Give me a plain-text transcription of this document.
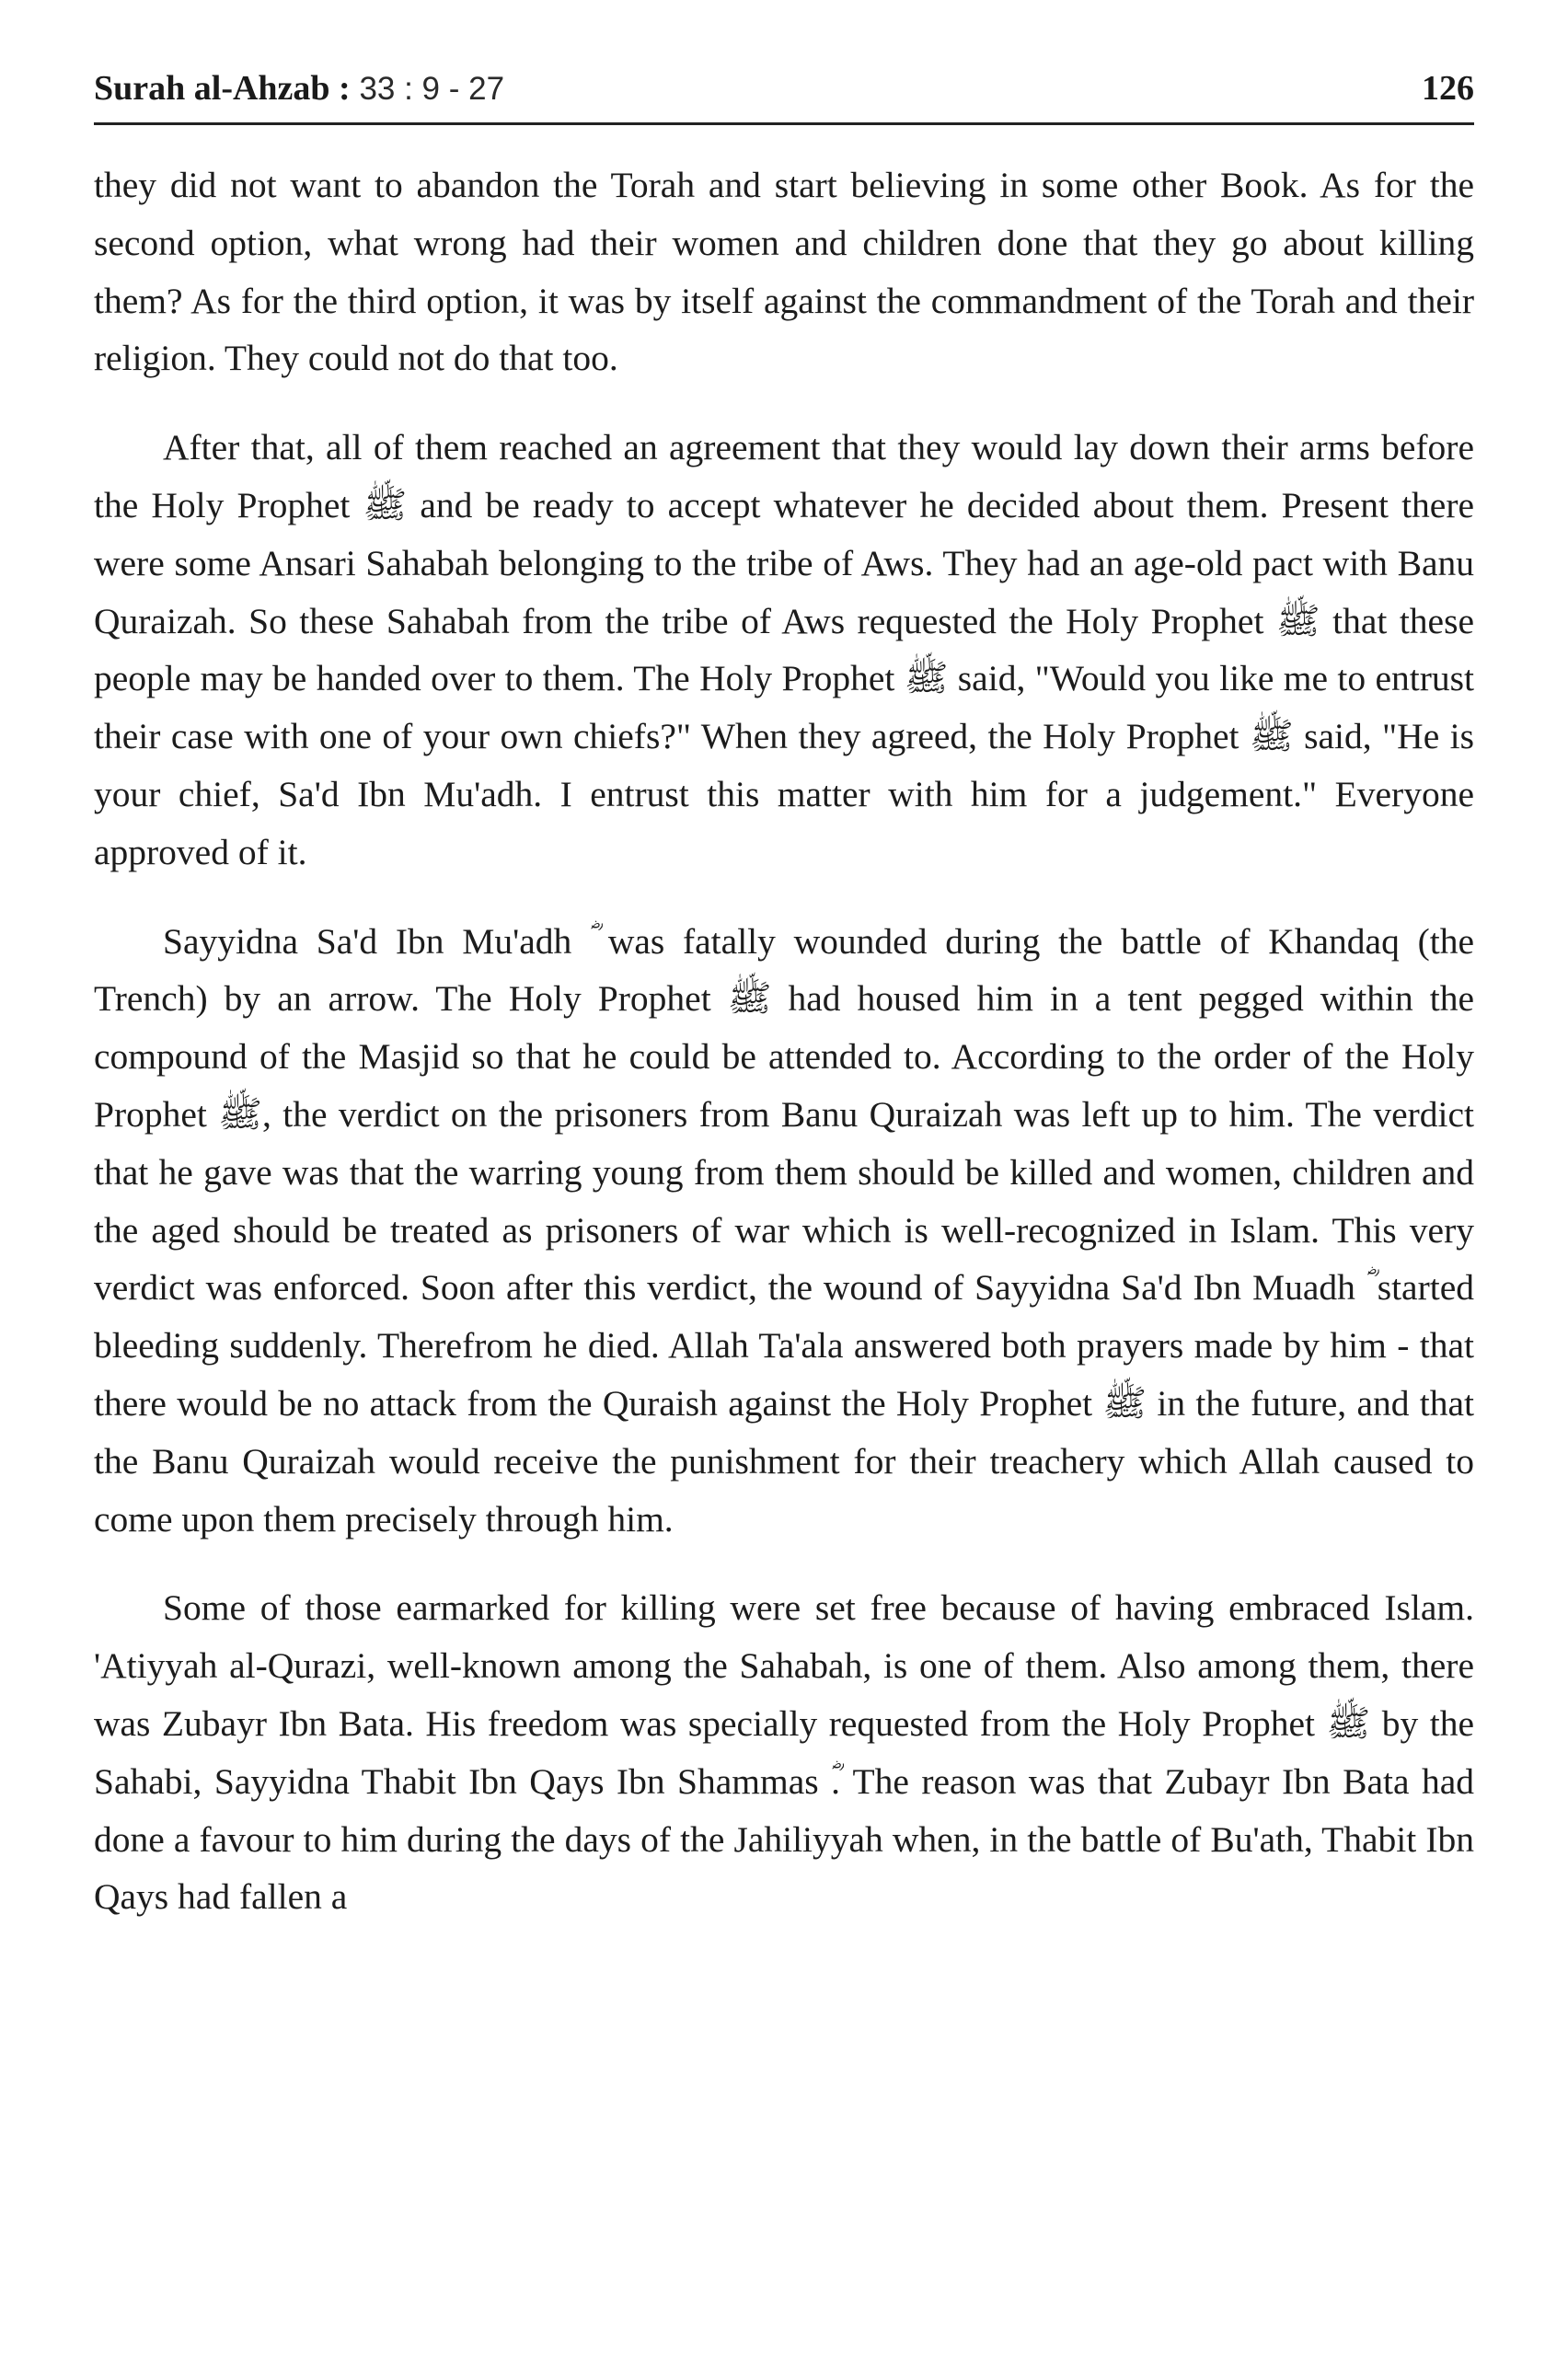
Surah al-Ahzab : 33 : 9 - 27	126

they did not want to abandon the Torah and start believing in some other Book. As for the second option, what wrong had their women and children done that they go about killing them? As for the third option, it was by itself against the commandment of the Torah and their religion. They could not do that too.

After that, all of them reached an agreement that they would lay down their arms before the Holy Prophet ﷺ and be ready to accept whatever he decided about them. Present there were some Ansari Sahabah belonging to the tribe of Aws. They had an age-old pact with Banu Quraizah. So these Sahabah from the tribe of Aws requested the Holy Prophet ﷺ that these people may be handed over to them. The Holy Prophet ﷺ said, "Would you like me to entrust their case with one of your own chiefs?" When they agreed, the Holy Prophet ﷺ said, "He is your chief, Sa'd Ibn Mu'adh. I entrust this matter with him for a judgement." Everyone approved of it.

Sayyidna Sa'd Ibn Mu'adh ؓ was fatally wounded during the battle of Khandaq (the Trench) by an arrow. The Holy Prophet ﷺ had housed him in a tent pegged within the compound of the Masjid so that he could be attended to. According to the order of the Holy Prophet ﷺ, the verdict on the prisoners from Banu Quraizah was left up to him. The verdict that he gave was that the warring young from them should be killed and women, children and the aged should be treated as prisoners of war which is well-recognized in Islam. This very verdict was enforced. Soon after this verdict, the wound of Sayyidna Sa'd Ibn Muadh ؓ started bleeding suddenly. Therefrom he died. Allah Ta'ala answered both prayers made by him - that there would be no attack from the Quraish against the Holy Prophet ﷺ in the future, and that the Banu Quraizah would receive the punishment for their treachery which Allah caused to come upon them precisely through him.

Some of those earmarked for killing were set free because of having embraced Islam. 'Atiyyah al-Qurazi, well-known among the Sahabah, is one of them. Also among them, there was Zubayr Ibn Bata. His freedom was specially requested from the Holy Prophet ﷺ by the Sahabi, Sayyidna Thabit Ibn Qays Ibn Shammas ؓ. The reason was that Zubayr Ibn Bata had done a favour to him during the days of the Jahiliyyah when, in the battle of Bu'ath, Thabit Ibn Qays had fallen a
